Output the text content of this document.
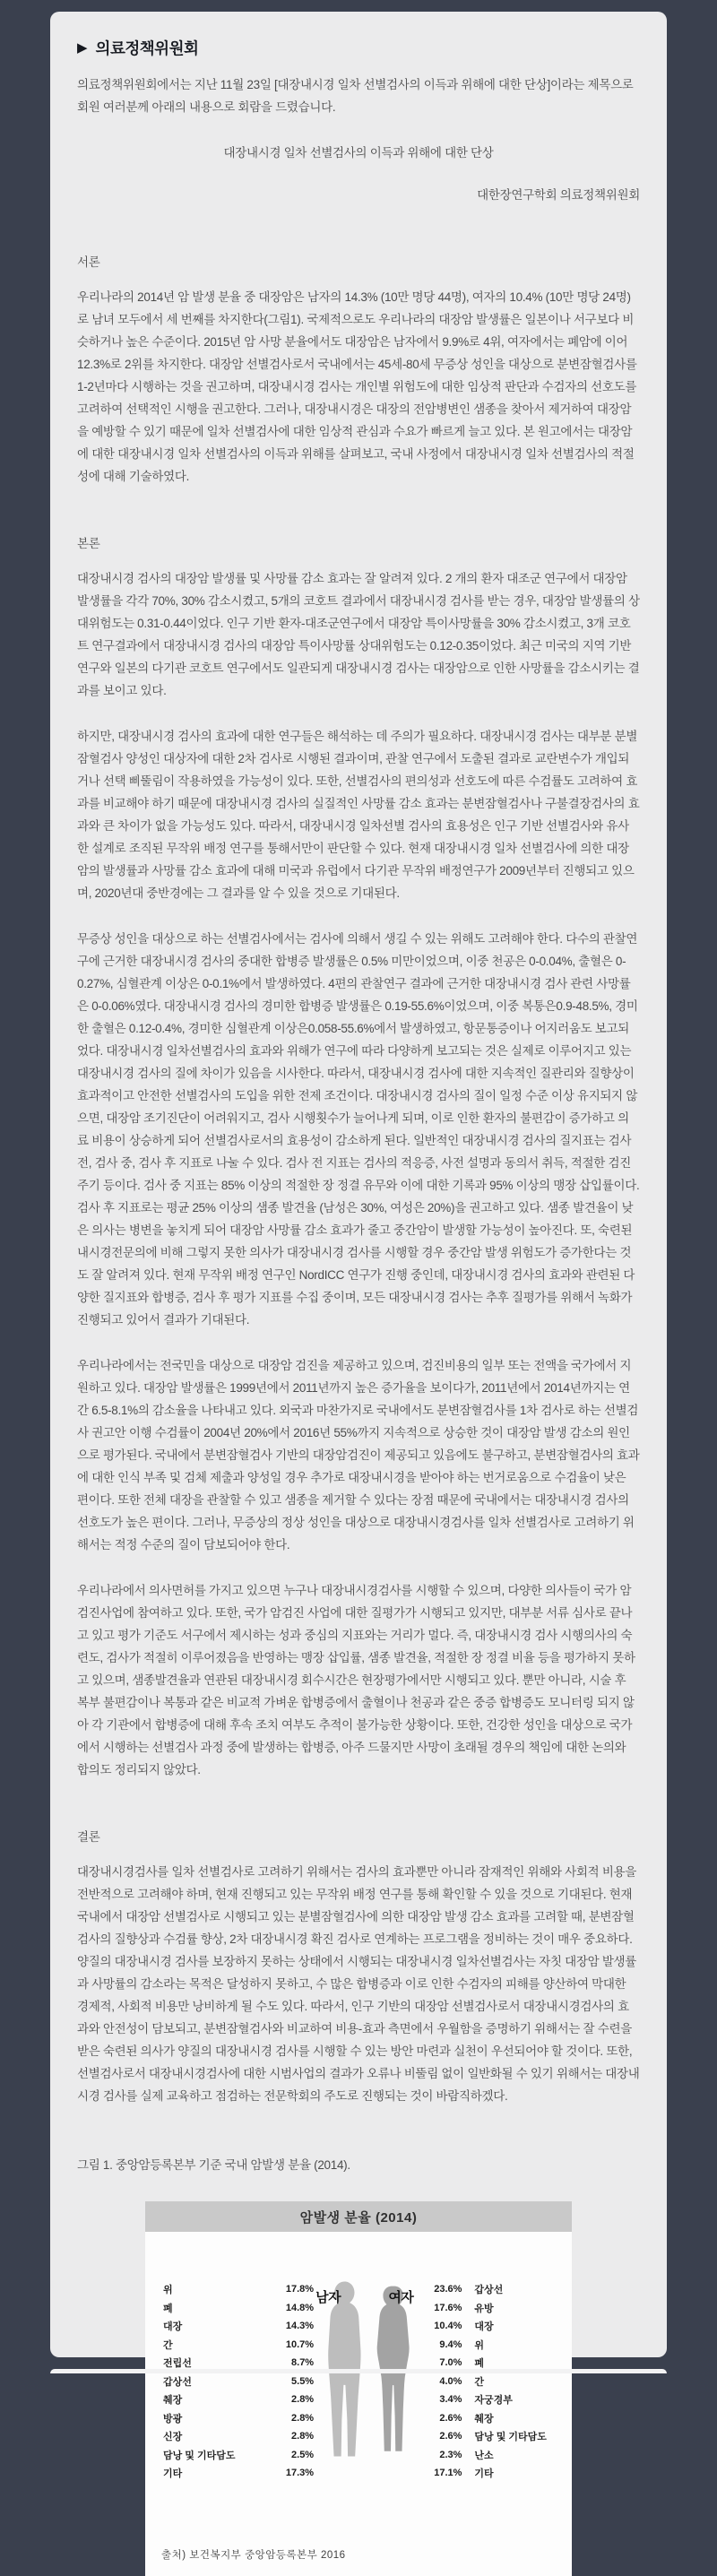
▶ 의료정책위원회

의료정책위원회에서는 지난 11월 23일 [대장내시경 일차 선별검사의 이득과 위해에 대한 단상]이라는 제목으로 회원 여러분께 아래의 내용으로 회람을 드렸습니다.

대장내시경 일차 선별검사의 이득과 위해에 대한 단상

대한장연구학회 의료정책위원회

서론

우리나라의 2014년 암 발생 분율 중 대장암은 남자의 14.3% (10만 명당 44명), 여자의 10.4% (10만 명당 24명)로 남녀 모두에서 세 번째를 차지한다(그림1). 국제적으로도 우리나라의 대장암 발생률은 일본이나 서구보다 비슷하거나 높은 수준이다. 2015년 암 사망 분율에서도 대장암은 남자에서 9.9%로 4위, 여자에서는 폐암에 이어 12.3%로 2위를 차지한다. 대장암 선별검사로서 국내에서는 45세-80세 무증상 성인을 대상으로 분변잠혈검사를 1-2년마다 시행하는 것을 권고하며, 대장내시경 검사는 개인별 위험도에 대한 임상적 판단과 수검자의 선호도를 고려하여 선택적인 시행을 권고한다. 그러나, 대장내시경은 대장의 전암병변인 샘종을 찾아서 제거하여 대장암을 예방할 수 있기 때문에 일차 선별검사에 대한 임상적 관심과 수요가 빠르게 늘고 있다. 본 원고에서는 대장암에 대한 대장내시경 일차 선별검사의 이득과 위해를 살펴보고, 국내 사정에서 대장내시경 일차 선별검사의 적절성에 대해 기술하였다.

본론

대장내시경 검사의 대장암 발생률 및 사망률 감소 효과는 잘 알려져 있다. 2 개의 환자 대조군 연구에서 대장암 발생률을 각각 70%, 30% 감소시켰고, 5개의 코호트 결과에서 대장내시경 검사를 받는 경우, 대장암 발생률의 상대위험도는 0.31-0.44이었다. 인구 기반 환자-대조군연구에서 대장암 특이사망률을 30% 감소시켰고, 3개 코호트 연구결과에서 대장내시경 검사의 대장암 특이사망률 상대위험도는 0.12-0.35이었다. 최근 미국의 지역 기반 연구와 일본의 다기관 코호트 연구에서도 일관되게 대장내시경 검사는 대장암으로 인한 사망률을 감소시키는 결과를 보이고 있다.

하지만, 대장내시경 검사의 효과에 대한 연구들은 해석하는 데 주의가 필요하다. 대장내시경 검사는 대부분 분별잠혈검사 양성인 대상자에 대한 2차 검사로 시행된 결과이며, 관찰 연구에서 도출된 결과로 교란변수가 개입되거나 선택 삐뚤림이 작용하였을 가능성이 있다. 또한, 선별검사의 편의성과 선호도에 따른 수검률도 고려하여 효과를 비교해야 하기 때문에 대장내시경 검사의 실질적인 사망률 감소 효과는 분변잠혈검사나 구불결장검사의 효과와 큰 차이가 없을 가능성도 있다. 따라서, 대장내시경 일차선별 검사의 효용성은 인구 기반 선별검사와 유사한 설계로 조직된 무작위 배정 연구를 통해서만이 판단할 수 있다. 현재 대장내시경 일차 선별검사에 의한 대장암의 발생률과 사망률 감소 효과에 대해 미국과 유럽에서 다기관 무작위 배정연구가 2009년부터 진행되고 있으며, 2020년대 중반경에는 그 결과를 알 수 있을 것으로 기대된다.

무증상 성인을 대상으로 하는 선별검사에서는 검사에 의해서 생길 수 있는 위해도 고려해야 한다. 다수의 관찰연구에 근거한 대장내시경 검사의 중대한 합병증 발생률은 0.5% 미만이었으며, 이중 천공은 0-0.04%, 출혈은 0-0.27%, 심혈관계 이상은 0-0.1%에서 발생하였다. 4편의 관찰연구 결과에 근거한 대장내시경 검사 관련 사망률은 0-0.06%였다. 대장내시경 검사의 경미한 합병증 발생률은 0.19-55.6%이었으며, 이중 복통은0.9-48.5%, 경미한 출혈은 0.12-0.4%, 경미한 심혈관계 이상은0.058-55.6%에서 발생하였고, 항문통증이나 어지러움도 보고되었다. 대장내시경 일차선별검사의 효과와 위해가 연구에 따라 다양하게 보고되는 것은 실제로 이루어지고 있는 대장내시경 검사의 질에 차이가 있음을 시사한다. 따라서, 대장내시경 검사에 대한 지속적인 질관리와 질향상이 효과적이고 안전한 선별검사의 도입을 위한 전제 조건이다. 대장내시경 검사의 질이 일정 수준 이상 유지되지 않으면, 대장암 조기진단이 어려워지고, 검사 시행횟수가 늘어나게 되며, 이로 인한 환자의 불편감이 증가하고 의료 비용이 상승하게 되어 선별검사로서의 효용성이 감소하게 된다. 일반적인 대장내시경 검사의 질지표는 검사 전, 검사 중, 검사 후 지표로 나눌 수 있다. 검사 전 지표는 검사의 적응증, 사전 설명과 동의서 취득, 적절한 검진 주기 등이다. 검사 중 지표는 85% 이상의 적절한 장 정결 유무와 이에 대한 기록과 95% 이상의 맹장 삽입률이다. 검사 후 지표로는 평균 25% 이상의 샘종 발견율 (남성은 30%, 여성은 20%)을 권고하고 있다. 샘종 발견율이 낮은 의사는 병변을 놓치게 되어 대장암 사망률 감소 효과가 줄고 중간암이 발생할 가능성이 높아진다. 또, 숙련된 내시경전문의에 비해 그렇지 못한 의사가 대장내시경 검사를 시행할 경우 중간암 발생 위험도가 증가한다는 것도 잘 알려져 있다. 현재 무작위 배정 연구인 NordICC 연구가 진행 중인데, 대장내시경 검사의 효과와 관련된 다양한 질지표와 합병증, 검사 후 평가 지표를 수집 중이며, 모든 대장내시경 검사는 추후 질평가를 위해서 녹화가 진행되고 있어서 결과가 기대된다.

우리나라에서는 전국민을 대상으로 대장암 검진을 제공하고 있으며, 검진비용의 일부 또는 전액을 국가에서 지원하고 있다. 대장암 발생률은 1999년에서 2011년까지 높은 증가율을 보이다가, 2011년에서 2014년까지는 연간 6.5-8.1%의 감소율을 나타내고 있다. 외국과 마찬가지로 국내에서도 분변잠혈검사를 1차 검사로 하는 선별검사 권고안 이행 수검률이 2004년 20%에서 2016년 55%까지 지속적으로 상승한 것이 대장암 발생 감소의 원인으로 평가된다. 국내에서 분변잠혈검사 기반의 대장암검진이 제공되고 있음에도 불구하고, 분변잠혈검사의 효과에 대한 인식 부족 및 검체 제출과 양성일 경우 추가로 대장내시경을 받아야 하는 번거로움으로 수검율이 낮은 편이다. 또한 전체 대장을 관찰할 수 있고 샘종을 제거할 수 있다는 장점 때문에 국내에서는 대장내시경 검사의 선호도가 높은 편이다. 그러나, 무증상의 정상 성인을 대상으로 대장내시경검사를 일차 선별검사로 고려하기 위해서는 적정 수준의 질이 담보되어야 한다.

우리나라에서 의사면허를 가지고 있으면 누구나 대장내시경검사를 시행할 수 있으며, 다양한 의사들이 국가 암검진사업에 참여하고 있다. 또한, 국가 암검진 사업에 대한 질평가가 시행되고 있지만, 대부분 서류 심사로 끝나고 있고 평가 기준도 서구에서 제시하는 성과 중심의 지표와는 거리가 멀다. 즉, 대장내시경 검사 시행의사의 숙련도, 검사가 적절히 이루어졌음을 반영하는 맹장 삽입률, 샘종 발견율, 적절한 장 정결 비율 등을 평가하지 못하고 있으며, 샘종발견율과 연관된 대장내시경 회수시간은 현장평가에서만 시행되고 있다. 뿐만 아니라, 시술 후 복부 불편감이나 복통과 같은 비교적 가벼운 합병증에서 출혈이나 천공과 같은 중증 합병증도 모니터링 되지 않아 각 기관에서 합병증에 대해 후속 조치 여부도 추적이 불가능한 상황이다. 또한, 건강한 성인을 대상으로 국가에서 시행하는 선별검사 과정 중에 발생하는 합병증, 아주 드물지만 사망이 초래될 경우의 책임에 대한 논의와 합의도 정리되지 않았다.

결론

대장내시경검사를 일차 선별검사로 고려하기 위해서는 검사의 효과뿐만 아니라 잠재적인 위해와 사회적 비용을 전반적으로 고려해야 하며, 현재 진행되고 있는 무작위 배정 연구를 통해 확인할 수 있을 것으로 기대된다. 현재 국내에서 대장암 선별검사로 시행되고 있는 분별잠혈검사에 의한 대장암 발생 감소 효과를 고려할 때, 분변잠혈검사의 질향상과 수검률 향상, 2차 대장내시경 확진 검사로 연계하는 프로그램을 정비하는 것이 매우 중요하다. 양질의 대장내시경 검사를 보장하지 못하는 상태에서 시행되는 대장내시경 일차선별검사는 자칫 대장암 발생률과 사망률의 감소라는 목적은 달성하지 못하고, 수 많은 합병증과 이로 인한 수검자의 피해를 양산하여 막대한 경제적, 사회적 비용만 낭비하게 될 수도 있다. 따라서, 인구 기반의 대장암 선별검사로서 대장내시경검사의 효과와 안전성이 담보되고, 분변잠혈검사와 비교하여 비용-효과 측면에서 우월함을 증명하기 위해서는 잘 수련을 받은 숙련된 의사가 양질의 대장내시경 검사를 시행할 수 있는 방안 마련과 실천이 우선되어야 할 것이다. 또한, 선별검사로서 대장내시경검사에 대한 시범사업의 결과가 오류나 비뚤림 없이 일반화될 수 있기 위해서는 대장내시경 검사를 실제 교육하고 점검하는 전문학회의 주도로 진행되는 것이 바람직하겠다.

그림 1. 중앙암등록본부 기준 국내 암발생 분율 (2014).

암발생 분율 (2014)
위	17.8%
폐	14.8%
대장	14.3%
간	10.7%
전립선	8.7%
갑상선	5.5%
췌장	2.8%
방광	2.8%
신장	2.8%
담낭 및 기타담도	2.5%
기타	17.3%
남자	여자
23.6% 갑상선
17.6% 유방
10.4% 대장
9.4% 위
7.0% 폐
4.0% 간
3.4% 자궁경부
2.6% 췌장
2.6% 담낭 및 기타담도
2.3% 난소
17.1% 기타
출처) 보건복지부 중앙암등록본부 2016
